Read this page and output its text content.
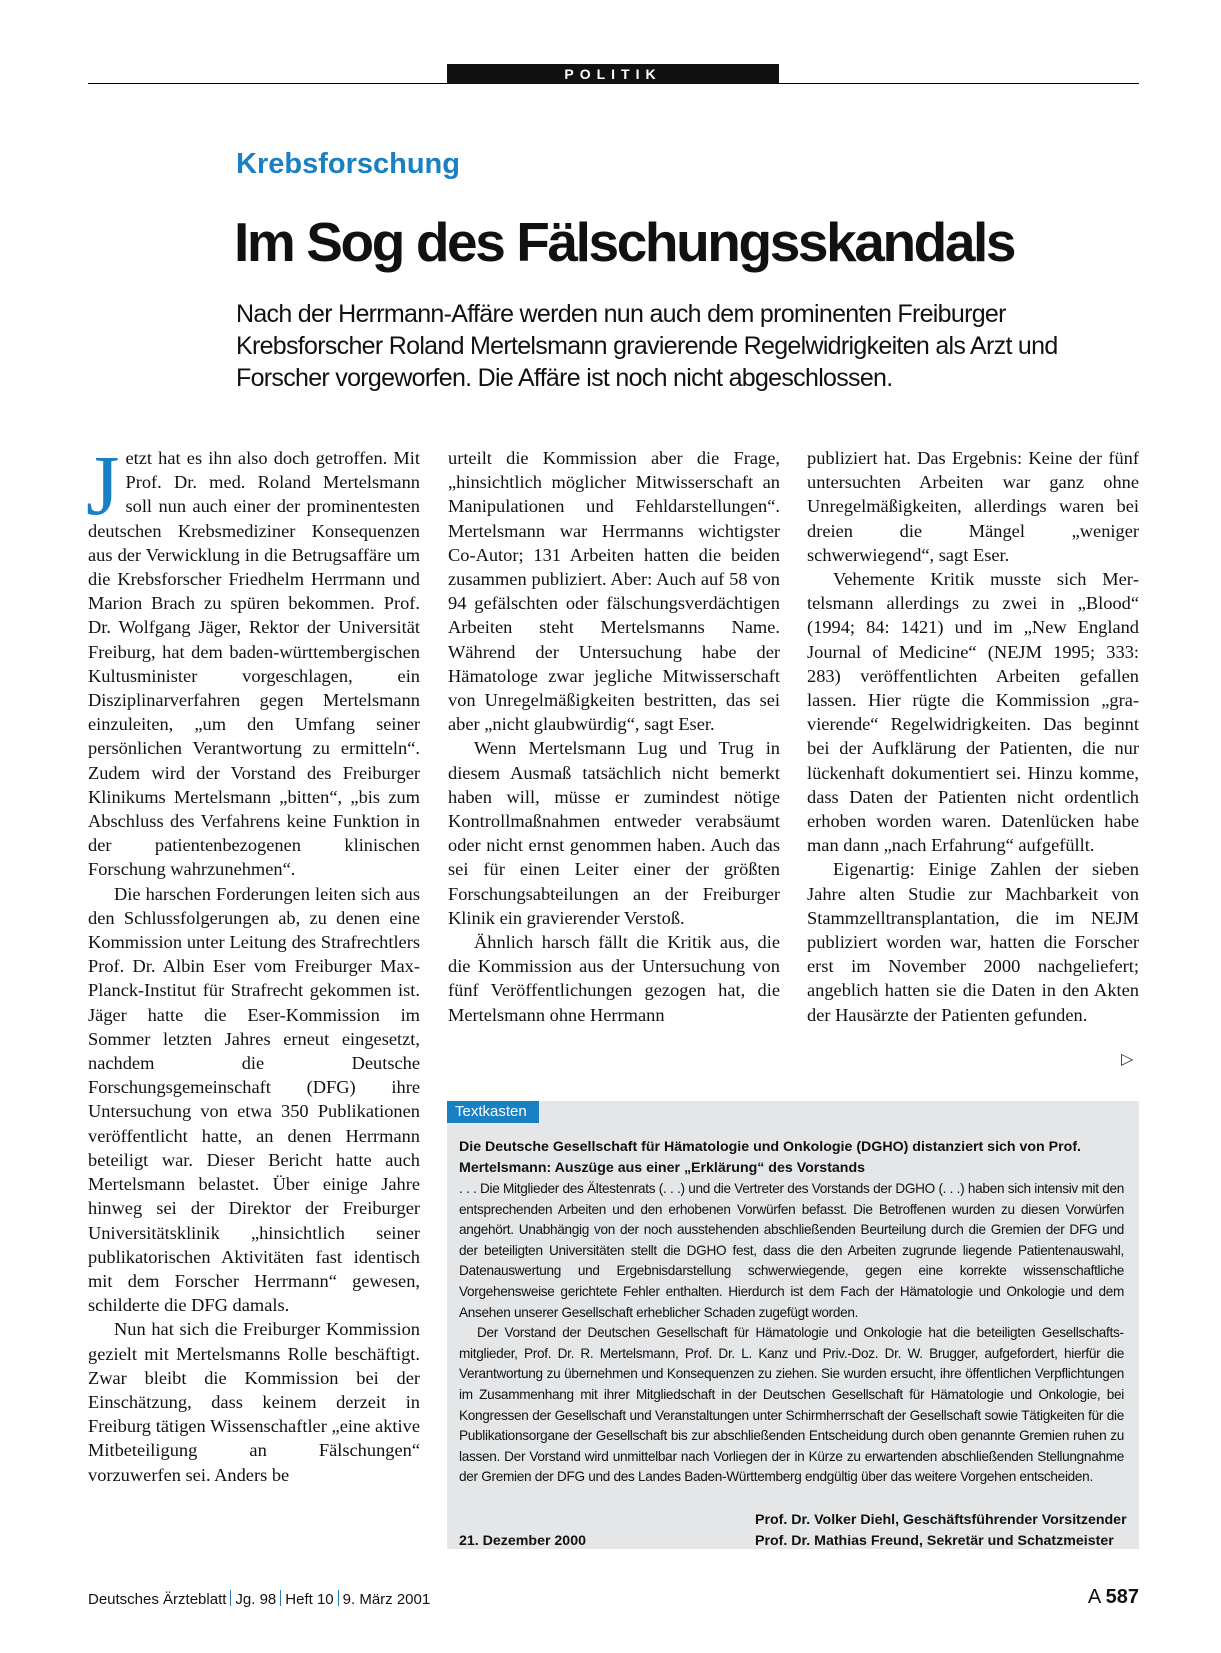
POLITIK
Krebsforschung
Im Sog des Fälschungsskandals
Nach der Herrmann-Affäre werden nun auch dem prominenten Freiburger Krebsforscher Roland Mertelsmann gravierende Regelwidrigkeiten als Arzt und Forscher vorgeworfen. Die Affäre ist noch nicht abgeschlossen.

Jetzt hat es ihn also doch getroffen. Mit Prof. Dr. med. Roland Mertelsmann soll nun auch einer der prominentesten deutschen Krebsmediziner Konsequenzen aus der Verwicklung in die Betrugsaffäre um die Krebsforscher Friedhelm Herrmann und Marion Brach zu spüren bekommen. Prof. Dr. Wolfgang Jäger, Rektor der Universität Freiburg, hat dem baden-württembergischen Kultusminister vorgeschlagen, ein Disziplinarverfahren gegen Mertelsmann einzuleiten, „um den Umfang seiner persönlichen Verantwortung zu ermitteln“. Zudem wird der Vorstand des Freiburger Klinikums Mertelsmann „bitten“, „bis zum Abschluss des Verfahrens keine Funktion in der patientenbezogenen klinischen Forschung wahrzunehmen“.

Die harschen Forderungen leiten sich aus den Schlussfolgerungen ab, zu denen eine Kommission unter Leitung des Strafrechtlers Prof. Dr. Albin Eser vom Freiburger Max-Planck-Institut für Strafrecht gekommen ist. Jäger hatte die Eser-Kommission im Sommer letzten Jahres erneut eingesetzt, nachdem die Deutsche Forschungsgemeinschaft (DFG) ihre Untersuchung von etwa 350 Publikationen veröffentlicht hatte, an denen Herrmann beteiligt war. Dieser Bericht hatte auch Mertelsmann belastet. Über einige Jahre hinweg sei der Direktor der Freiburger Universitätsklinik „hinsichtlich seiner publikatorischen Aktivitäten fast identisch mit dem Forscher Herrmann“ gewesen, schilderte die DFG damals.

Nun hat sich die Freiburger Kommission gezielt mit Mertelsmanns Rolle beschäftigt. Zwar bleibt die Kommission bei der Einschätzung, dass keinem derzeit in Freiburg tätigen Wissenschaftler „eine aktive Mitbeteiligung an Fälschungen“ vorzuwerfen sei. Anders be

urteilt die Kommission aber die Frage, „hinsichtlich möglicher Mitwisserschaft an Manipulationen und Fehldarstellungen“. Mertelsmann war Herrmanns wichtigster Co-Autor; 131 Arbeiten hatten die beiden zusammen publiziert. Aber: Auch auf 58 von 94 gefälschten oder fälschungsverdächtigen Arbeiten steht Mertelsmanns Name. Während der Untersuchung habe der Hämatologe zwar jegliche Mitwisserschaft von Unregelmäßigkeiten bestritten, das sei aber „nicht glaubwürdig“, sagt Eser.

Wenn Mertelsmann Lug und Trug in diesem Ausmaß tatsächlich nicht bemerkt haben will, müsse er zumindest nötige Kontrollmaßnahmen entweder verabsäumt oder nicht ernst genommen haben. Auch das sei für einen Leiter einer der größten Forschungsabteilungen an der Freiburger Klinik ein gravierender Verstoß.

Ähnlich harsch fällt die Kritik aus, die die Kommission aus der Untersuchung von fünf Veröffentlichungen gezogen hat, die Mertelsmann ohne Herrmann

publiziert hat. Das Ergebnis: Keine der fünf untersuchten Arbeiten war ganz ohne Unregelmäßigkeiten, allerdings waren bei dreien die Mängel „weniger schwerwiegend“, sagt Eser.

Vehemente Kritik musste sich Mertelsmann allerdings zu zwei in „Blood“ (1994; 84: 1421) und im „New England Journal of Medicine“ (NEJM 1995; 333: 283) veröffentlichten Arbeiten gefallen lassen. Hier rügte die Kommission „gravierende“ Regelwidrigkeiten. Das beginnt bei der Aufklärung der Patienten, die nur lückenhaft dokumentiert sei. Hinzu komme, dass Daten der Patienten nicht ordentlich erhoben worden waren. Datenlücken habe man dann „nach Erfahrung“ aufgefüllt.

Eigenartig: Einige Zahlen der sieben Jahre alten Studie zur Machbarkeit von Stammzelltransplantation, die im NEJM publiziert worden war, hatten die Forscher erst im November 2000 nachgeliefert; angeblich hatten sie die Daten in den Akten der Hausärzte der Patienten gefunden.

▷
Textkasten
Die Deutsche Gesellschaft für Hämatologie und Onkologie (DGHO) distanziert sich von Prof. Mertelsmann: Auszüge aus einer „Erklärung“ des Vorstands

. . . Die Mitglieder des Ältestenrats (. . .) und die Vertreter des Vorstands der DGHO (. . .) haben sich intensiv mit den entsprechenden Arbeiten und den erhobenen Vorwürfen befasst. Die Betroffenen wurden zu diesen Vorwürfen angehört. Unabhängig von der noch ausstehenden abschließenden Beurteilung durch die Gremien der DFG und der beteiligten Universitäten stellt die DGHO fest, dass die den Arbeiten zugrunde liegende Patientenauswahl, Datenauswertung und Ergebnisdarstellung schwerwiegende, gegen eine korrekte wissenschaftliche Vorgehensweise gerichtete Fehler enthalten. Hierdurch ist dem Fach der Hämatologie und Onkologie und dem Ansehen unserer Gesellschaft erheblicher Schaden zugefügt worden.

Der Vorstand der Deutschen Gesellschaft für Hämatologie und Onkologie hat die beteiligten Gesellschaftsmitglieder, Prof. Dr. R. Mertelsmann, Prof. Dr. L. Kanz und Priv.-Doz. Dr. W. Brugger, aufgefordert, hierfür die Verantwortung zu übernehmen und Konsequenzen zu ziehen. Sie wurden ersucht, ihre öffentlichen Verpflichtungen im Zusammenhang mit ihrer Mitgliedschaft in der Deutschen Gesellschaft für Hämatologie und Onkologie, bei Kongressen der Gesellschaft und Veranstaltungen unter Schirmherrschaft der Gesellschaft sowie Tätigkeiten für die Publikationsorgane der Gesellschaft bis zur abschließenden Entscheidung durch oben genannte Gremien ruhen zu lassen. Der Vorstand wird unmittelbar nach Vorliegen der in Kürze zu erwartenden abschließenden Stellungnahme der Gremien der DFG und des Landes Baden-Württemberg endgültig über das weitere Vorgehen entscheiden.

Prof. Dr. Volker Diehl, Geschäftsführender Vorsitzender
21. Dezember 2000	Prof. Dr. Mathias Freund, Sekretär und Schatzmeister
Deutsches Ärzteblatt Jg. 98 Heft 10 9. März 2001	A 587
